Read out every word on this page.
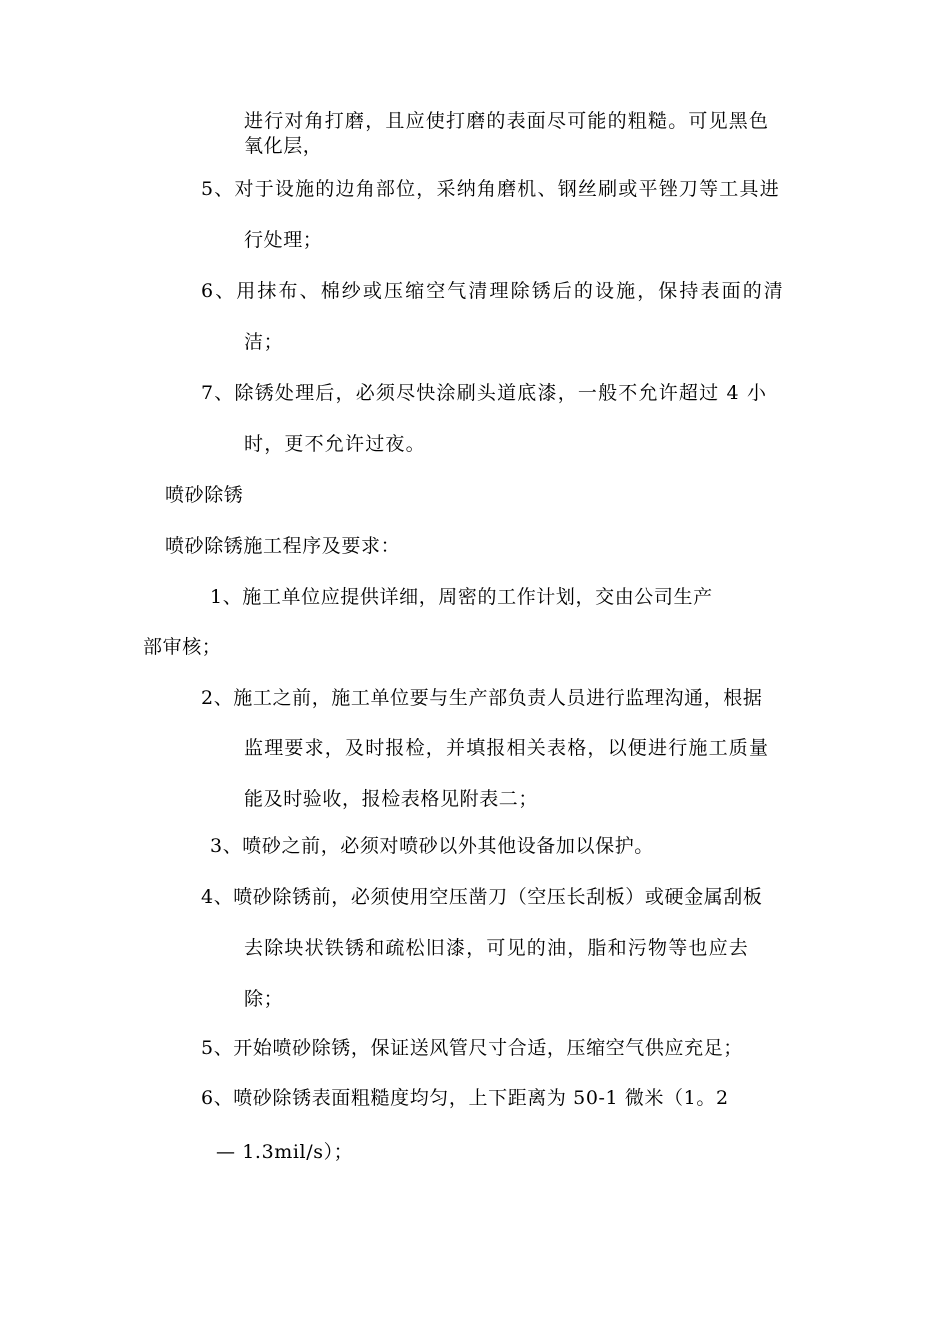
进行对角打磨，且应使打磨的表面尽可能的粗糙。可见黑色
氧化层，
5、对于设施的边角部位，采纳角磨机、钢丝刷或平锉刀等工具进
行处理；
6、用抹布、棉纱或压缩空气清理除锈后的设施，保持表面的清
洁；
7、除锈处理后，必须尽快涂刷头道底漆，一般不允许超过 4 小
时，更不允许过夜。
喷砂除锈
喷砂除锈施工程序及要求：
1、施工单位应提供详细，周密的工作计划，交由公司生产
部审核；
2、施工之前，施工单位要与生产部负责人员进行监理沟通，根据
监理要求，及时报检，并填报相关表格，以便进行施工质量
能及时验收，报检表格见附表二；
3、喷砂之前，必须对喷砂以外其他设备加以保护。
4、喷砂除锈前，必须使用空压凿刀（空压长刮板）或硬金属刮板
去除块状铁锈和疏松旧漆，可见的油，脂和污物等也应去
除；
5、开始喷砂除锈，保证送风管尺寸合适，压缩空气供应充足；
6、喷砂除锈表面粗糙度均匀，上下距离为 50-1 微米（1。2
— 1.3mil/s）；
